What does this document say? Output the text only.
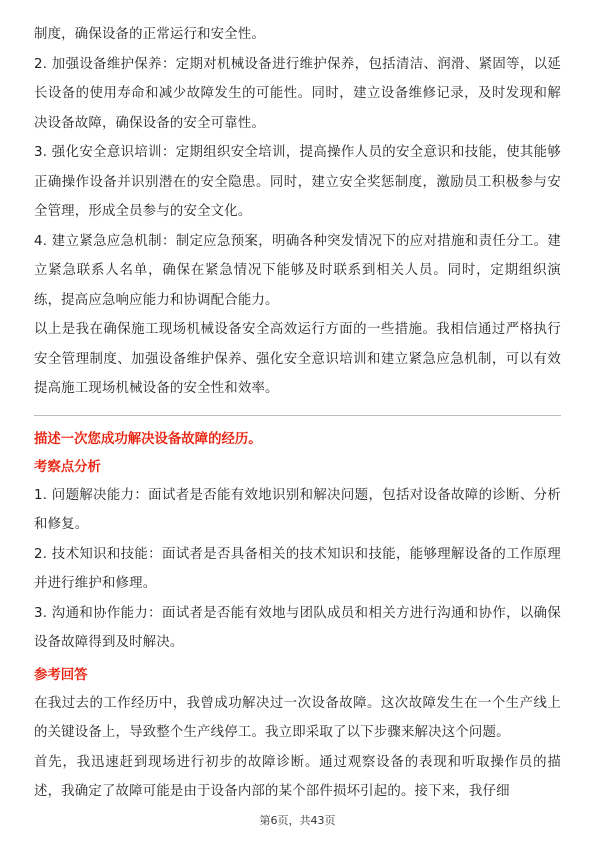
制度，确保设备的正常运行和安全性。

2. 加强设备维护保养：定期对机械设备进行维护保养，包括清洁、润滑、紧固等，以延长设备的使用寿命和减少故障发生的可能性。同时，建立设备维修记录，及时发现和解决设备故障，确保设备的安全可靠性。

3. 强化安全意识培训：定期组织安全培训，提高操作人员的安全意识和技能，使其能够正确操作设备并识别潜在的安全隐患。同时，建立安全奖惩制度，激励员工积极参与安全管理，形成全员参与的安全文化。

4. 建立紧急应急机制：制定应急预案，明确各种突发情况下的应对措施和责任分工。建立紧急联系人名单，确保在紧急情况下能够及时联系到相关人员。同时，定期组织演练，提高应急响应能力和协调配合能力。

以上是我在确保施工现场机械设备安全高效运行方面的一些措施。我相信通过严格执行安全管理制度、加强设备维护保养、强化安全意识培训和建立紧急应急机制，可以有效提高施工现场机械设备的安全性和效率。

描述一次您成功解决设备故障的经历。

考察点分析

1. 问题解决能力：面试者是否能有效地识别和解决问题，包括对设备故障的诊断、分析和修复。

2. 技术知识和技能：面试者是否具备相关的技术知识和技能，能够理解设备的工作原理并进行维护和修理。

3. 沟通和协作能力：面试者是否能有效地与团队成员和相关方进行沟通和协作，以确保设备故障得到及时解决。

参考回答

在我过去的工作经历中，我曾成功解决过一次设备故障。这次故障发生在一个生产线上的关键设备上，导致整个生产线停工。我立即采取了以下步骤来解决这个问题。

首先，我迅速赶到现场进行初步的故障诊断。通过观察设备的表现和听取操作员的描述，我确定了故障可能是由于设备内部的某个部件损坏引起的。接下来，我仔细

第6页，共43页
